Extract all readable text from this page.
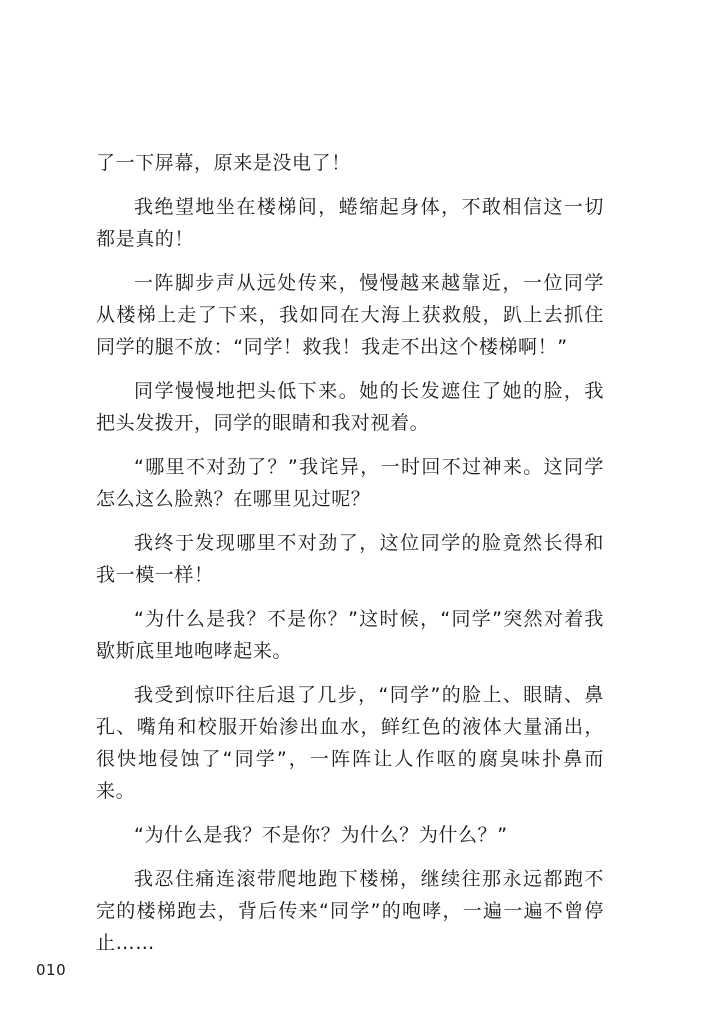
了一下屏幕，原来是没电了！

我绝望地坐在楼梯间，蜷缩起身体，不敢相信这一切都是真的！

一阵脚步声从远处传来，慢慢越来越靠近，一位同学从楼梯上走了下来，我如同在大海上获救般，趴上去抓住同学的腿不放：“同学！救我！我走不出这个楼梯啊！”

同学慢慢地把头低下来。她的长发遮住了她的脸，我把头发拨开，同学的眼睛和我对视着。

“哪里不对劲了？”我诧异，一时回不过神来。这同学怎么这么脸熟？在哪里见过呢？

我终于发现哪里不对劲了，这位同学的脸竟然长得和我一模一样！

“为什么是我？不是你？”这时候，“同学”突然对着我歇斯底里地咆哮起来。

我受到惊吓往后退了几步，“同学”的脸上、眼睛、鼻孔、嘴角和校服开始渗出血水，鲜红色的液体大量涌出，很快地侵蚀了“同学”，一阵阵让人作呕的腐臭味扑鼻而来。

“为什么是我？不是你？为什么？为什么？”

我忍住痛连滚带爬地跑下楼梯，继续往那永远都跑不完的楼梯跑去，背后传来“同学”的咆哮，一遍一遍不曾停止……

010
